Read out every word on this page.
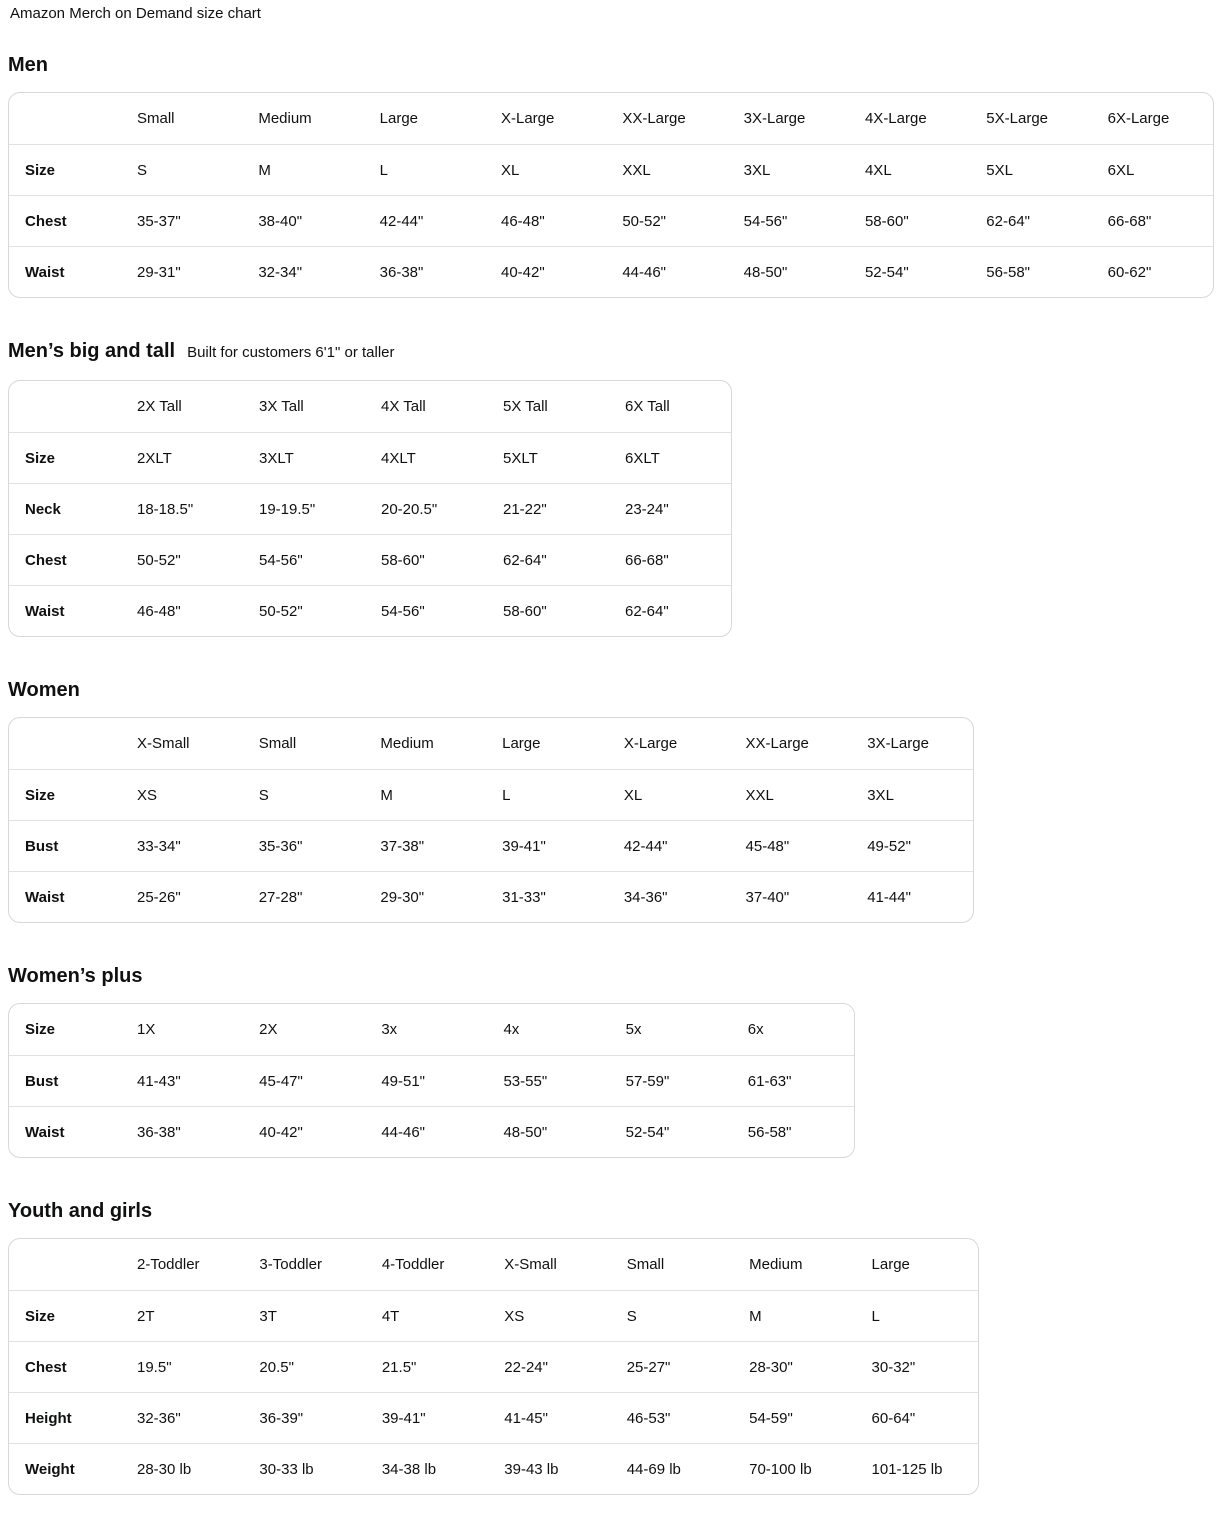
Amazon Merch on Demand size chart
Men
	Small	Medium	Large	X-Large	XX-Large	3X-Large	4X-Large	5X-Large	6X-Large
Size	S	M	L	XL	XXL	3XL	4XL	5XL	6XL
Chest	35-37"	38-40"	42-44"	46-48"	50-52"	54-56"	58-60"	62-64"	66-68"
Waist	29-31"	32-34"	36-38"	40-42"	44-46"	48-50"	52-54"	56-58"	60-62"
Men’s big and tall Built for customers 6'1" or taller
	2X Tall	3X Tall	4X Tall	5X Tall	6X Tall
Size	2XLT	3XLT	4XLT	5XLT	6XLT
Neck	18-18.5"	19-19.5"	20-20.5"	21-22"	23-24"
Chest	50-52"	54-56"	58-60"	62-64"	66-68"
Waist	46-48"	50-52"	54-56"	58-60"	62-64"
Women
	X-Small	Small	Medium	Large	X-Large	XX-Large	3X-Large
Size	XS	S	M	L	XL	XXL	3XL
Bust	33-34"	35-36"	37-38"	39-41"	42-44"	45-48"	49-52"
Waist	25-26"	27-28"	29-30"	31-33"	34-36"	37-40"	41-44"
Women’s plus
Size	1X	2X	3x	4x	5x	6x
Bust	41-43"	45-47"	49-51"	53-55"	57-59"	61-63"
Waist	36-38"	40-42"	44-46"	48-50"	52-54"	56-58"
Youth and girls
	2-Toddler	3-Toddler	4-Toddler	X-Small	Small	Medium	Large
Size	2T	3T	4T	XS	S	M	L
Chest	19.5"	20.5"	21.5"	22-24"	25-27"	28-30"	30-32"
Height	32-36"	36-39"	39-41"	41-45"	46-53"	54-59"	60-64"
Weight	28-30 lb	30-33 lb	34-38 lb	39-43 lb	44-69 lb	70-100 lb	101-125 lb
